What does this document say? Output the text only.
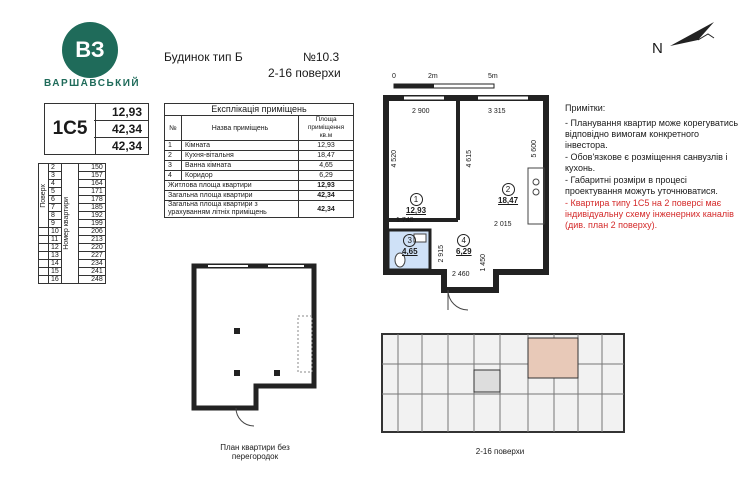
ВЗ
ВАРШАВСЬКИЙ
Будинок тип Б	№10.3
2-16 поверхи
N
0	2m	5m
1C5
12,93
42,34
42,34
Поверх	2	Номер квартири	150
	3		157
	4		164
	5		171
	6		178
	7		185
	8		192
	9		199
	10		206
	11		213
	12		220
	13		227
	14		234
	15		241
	16		248
Експлікація приміщень		
№	Назва приміщень	Площа приміщення кв.м
1	Кімната	12,93
2	Кухня-вітальня	18,47
3	Ванна кімната	4,65
4	Коридор	6,29
Житлова площа квартири		12,93
Загальна площа квартири		42,34
Загальна площа квартири з урахуванням літніх приміщень		42,34
2 900	3 315
4 520	4 615
5 600
2 015
1 740
2 915
2 460
1 450
1
12,93
2
18,47
3
4,65
4
6,29
Примітки:
- Планування квартир може корегуватись відповідно вимогам конкретного інвестора.
- Обов'язкове є розміщення санвузлів і кухонь.
- Габаритні розміри в процесі проектування можуть уточнюватися.
- Квартира типу 1С5 на 2 поверсі має індивідуальну схему інженерних каналів (див. план 2 поверху).
План квартири без перегородок
2-16 поверхи
